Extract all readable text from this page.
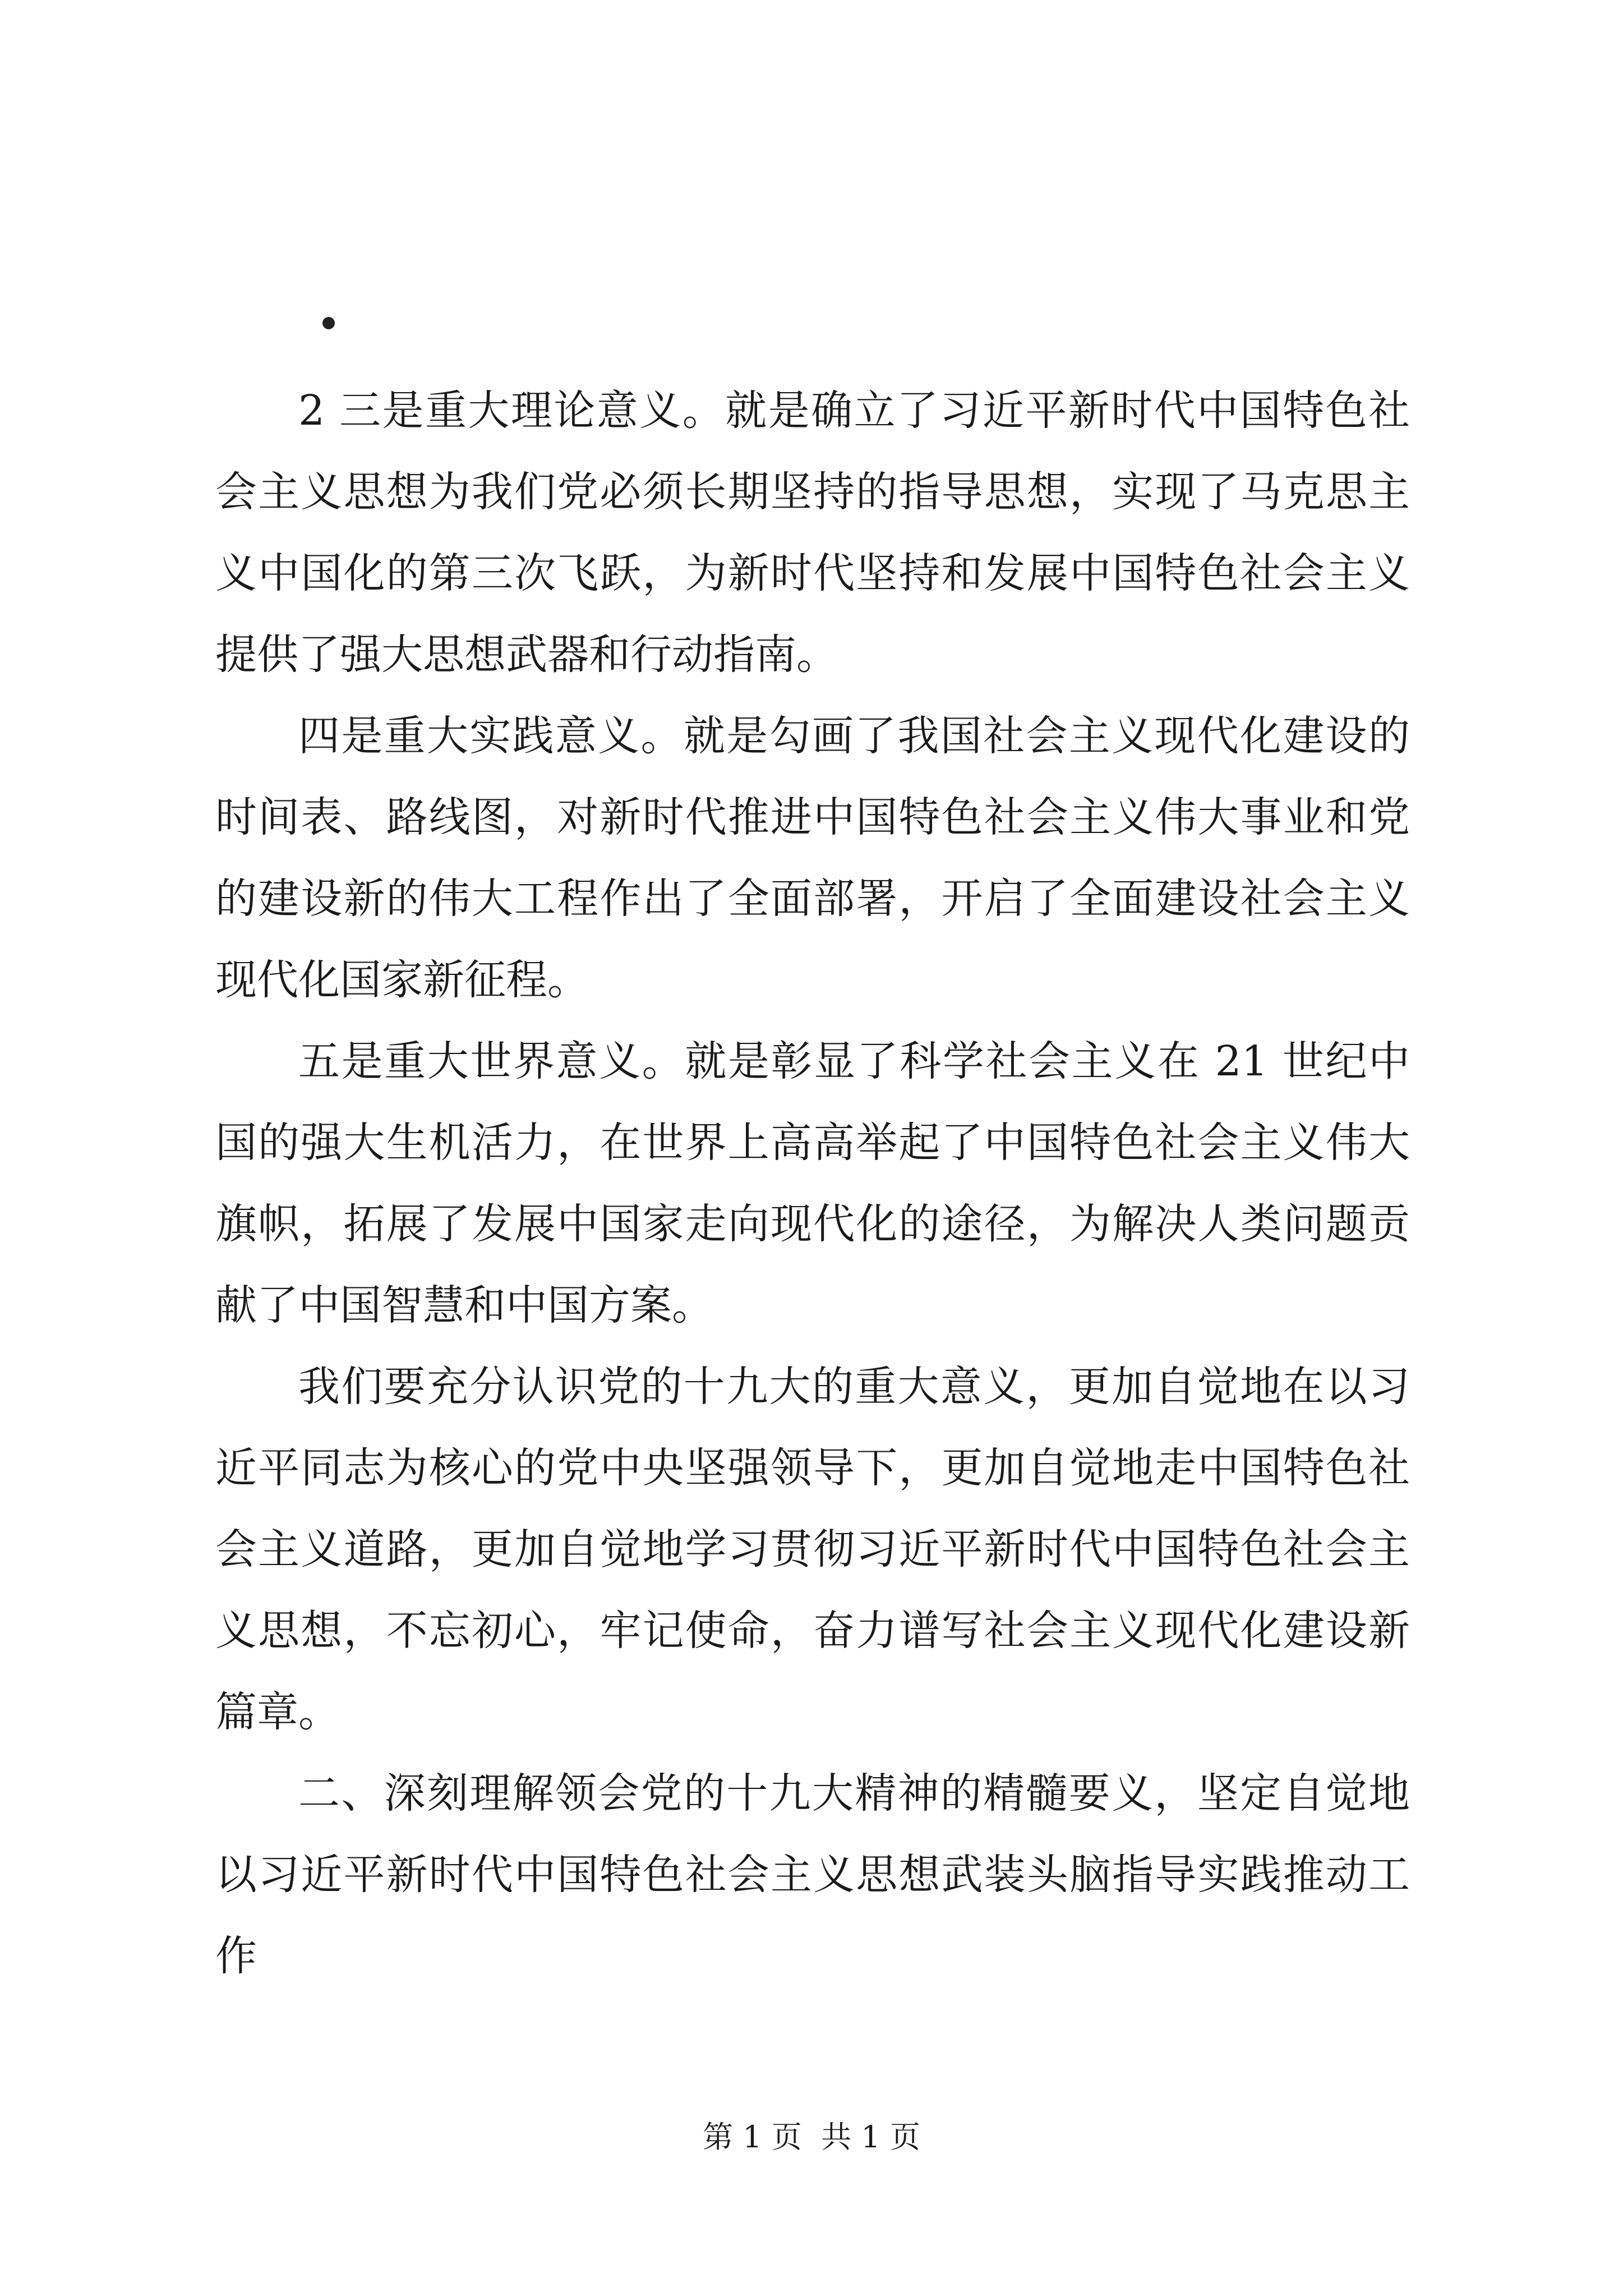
2 三是重大理论意义。就是确立了习近平新时代中国特色社会主义思想为我们党必须长期坚持的指导思想，实现了马克思主义中国化的第三次飞跃，为新时代坚持和发展中国特色社会主义提供了强大思想武器和行动指南。

四是重大实践意义。就是勾画了我国社会主义现代化建设的时间表、路线图，对新时代推进中国特色社会主义伟大事业和党的建设新的伟大工程作出了全面部署，开启了全面建设社会主义现代化国家新征程。

五是重大世界意义。就是彰显了科学社会主义在 21 世纪中国的强大生机活力，在世界上高高举起了中国特色社会主义伟大旗帜，拓展了发展中国家走向现代化的途径，为解决人类问题贡献了中国智慧和中国方案。

我们要充分认识党的十九大的重大意义，更加自觉地在以习近平同志为核心的党中央坚强领导下，更加自觉地走中国特色社会主义道路，更加自觉地学习贯彻习近平新时代中国特色社会主义思想，不忘初心，牢记使命，奋力谱写社会主义现代化建设新篇章。

二、深刻理解领会党的十九大精神的精髓要义，坚定自觉地以习近平新时代中国特色社会主义思想武装头脑指导实践推动工作

第 1 页  共 1 页
